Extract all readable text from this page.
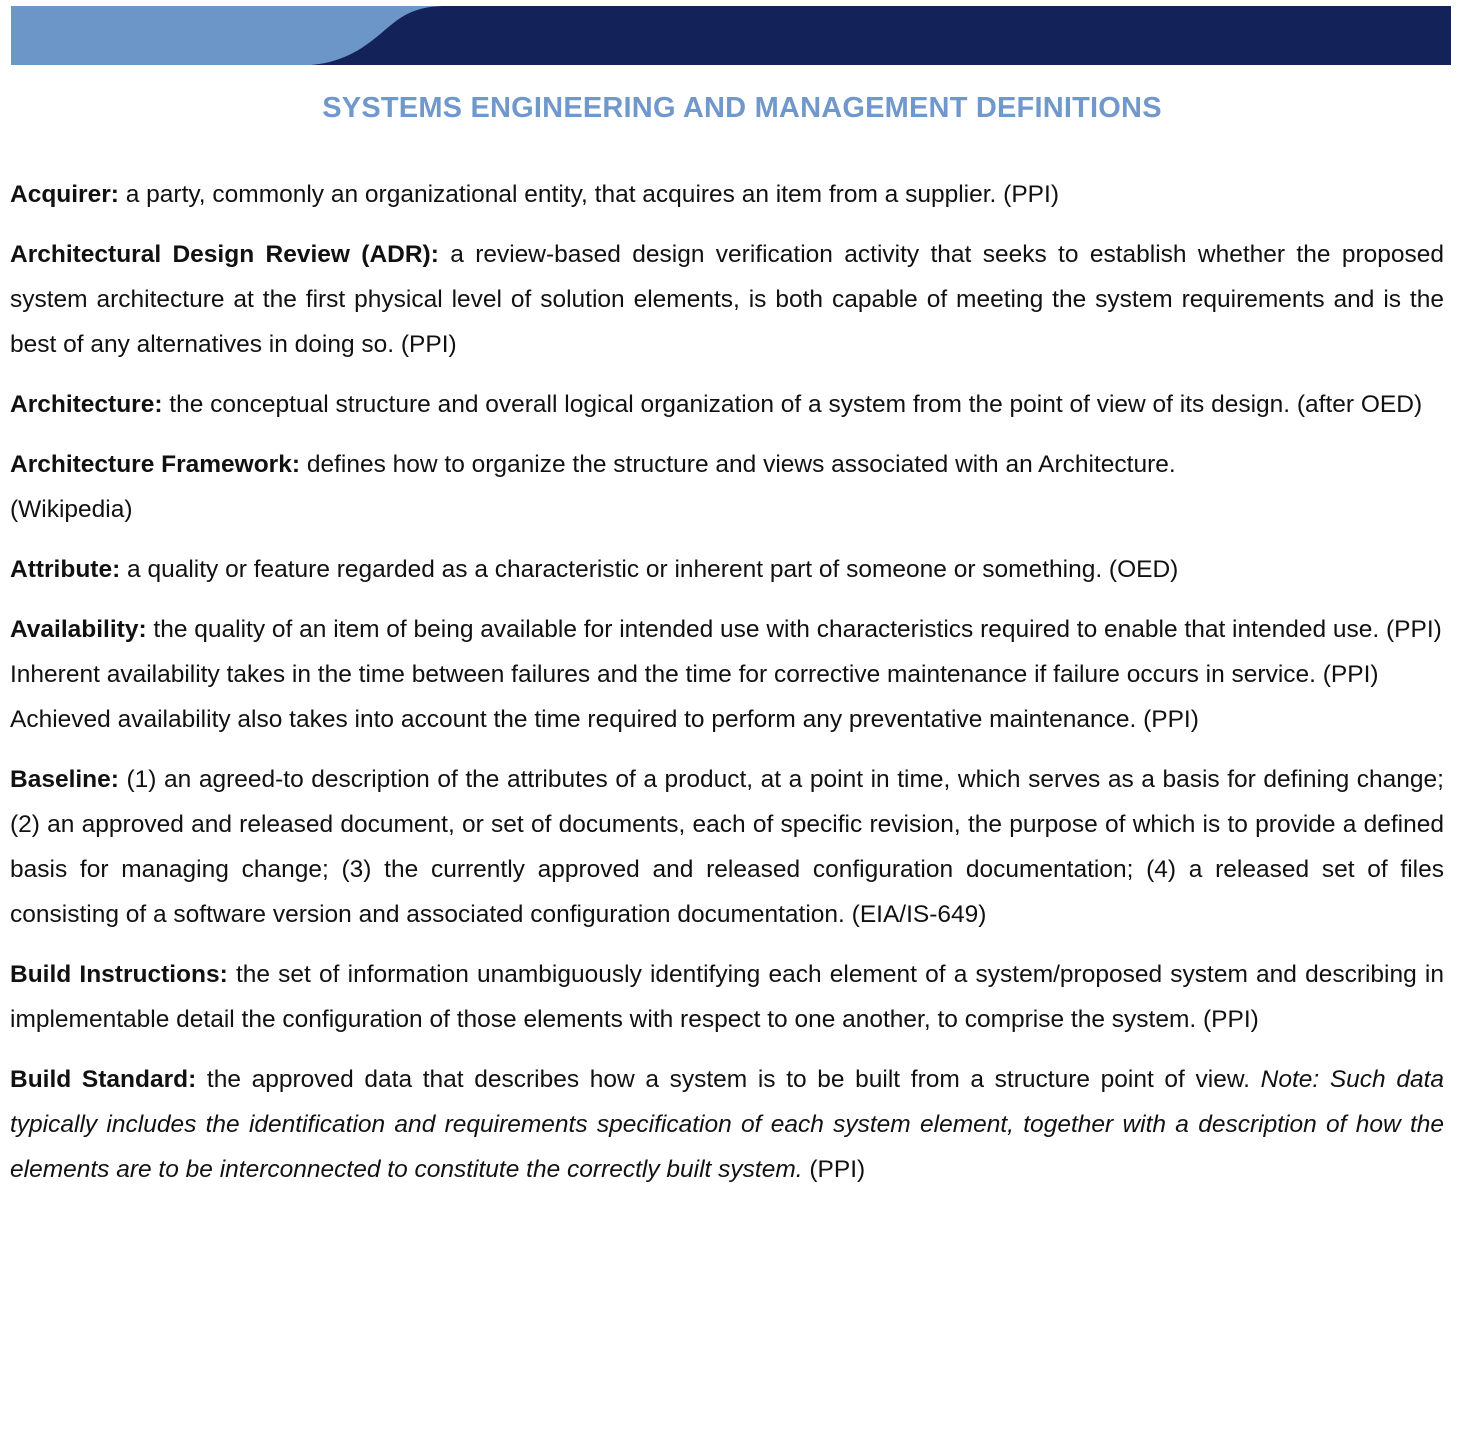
SYSTEMS ENGINEERING AND MANAGEMENT DEFINITIONS

Acquirer: a party, commonly an organizational entity, that acquires an item from a supplier. (PPI)

Architectural Design Review (ADR): a review-based design verification activity that seeks to establish whether the proposed system architecture at the first physical level of solution elements, is both capable of meeting the system requirements and is the best of any alternatives in doing so. (PPI)

Architecture: the conceptual structure and overall logical organization of a system from the point of view of its design. (after OED)

Architecture Framework: defines how to organize the structure and views associated with an Architecture.
(Wikipedia)

Attribute: a quality or feature regarded as a characteristic or inherent part of someone or something. (OED)

Availability: the quality of an item of being available for intended use with characteristics required to enable that intended use. (PPI)

Inherent availability takes in the time between failures and the time for corrective maintenance if failure occurs in service. (PPI)

Achieved availability also takes into account the time required to perform any preventative maintenance. (PPI)

Baseline: (1) an agreed-to description of the attributes of a product, at a point in time, which serves as a basis for defining change; (2) an approved and released document, or set of documents, each of specific revision, the purpose of which is to provide a defined basis for managing change; (3) the currently approved and released configuration documentation; (4) a released set of files consisting of a software version and associated configuration documentation. (EIA/IS-649)

Build Instructions: the set of information unambiguously identifying each element of a system/proposed system and describing in implementable detail the configuration of those elements with respect to one another, to comprise the system. (PPI)

Build Standard: the approved data that describes how a system is to be built from a structure point of view. Note: Such data typically includes the identification and requirements specification of each system element, together with a description of how the elements are to be interconnected to constitute the correctly built system. (PPI)
